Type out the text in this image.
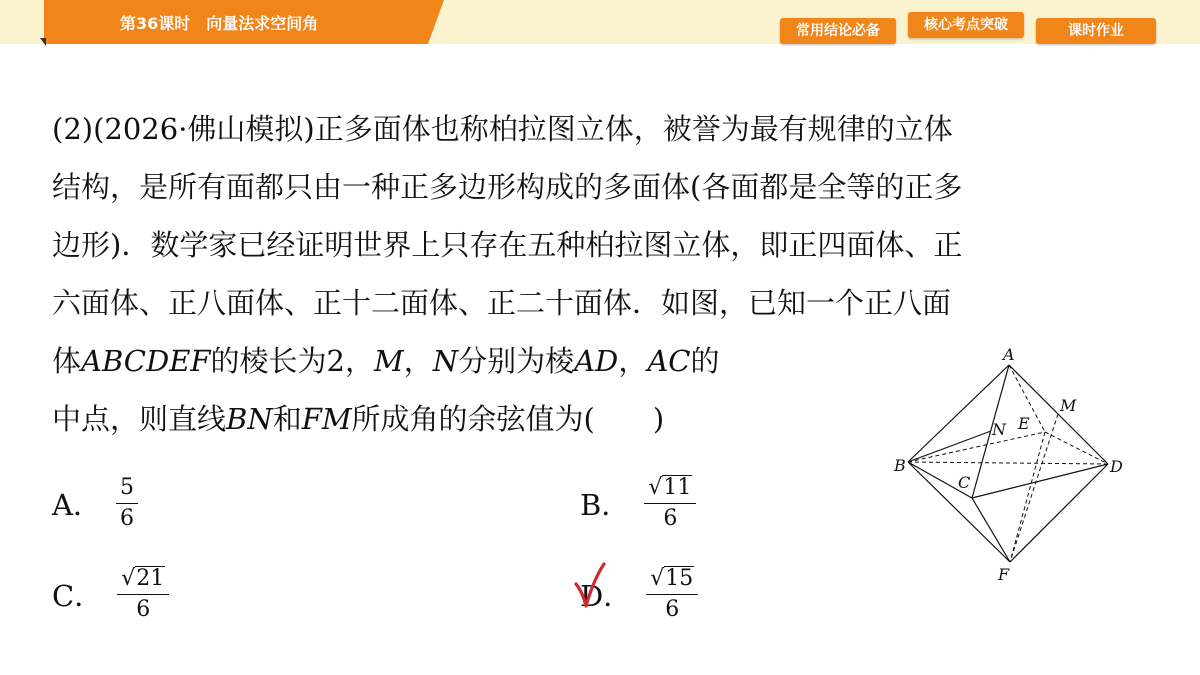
第36课时　向量法求空间角	常用结论必备	核心考点突破	课时作业

(2)(2026·佛山模拟)正多面体也称柏拉图立体，被誉为最有规律的立体

结构，是所有面都只由一种正多边形构成的多面体(各面都是全等的正多

边形)．数学家已经证明世界上只存在五种柏拉图立体，即正四面体、正

六面体、正八面体、正十二面体、正二十面体．如图，已知一个正八面

体ABCDEF的棱长为2，M，N分别为棱AD，AC的

中点，则直线BN和FM所成角的余弦值为(　　)

A． $\frac{5}{6}$	B． $\frac{√ 11}{6}$
C． $\frac{√ 21}{6}$	D． $\frac{√ 15}{6}$
A
B
C
D
E
F
M
N
